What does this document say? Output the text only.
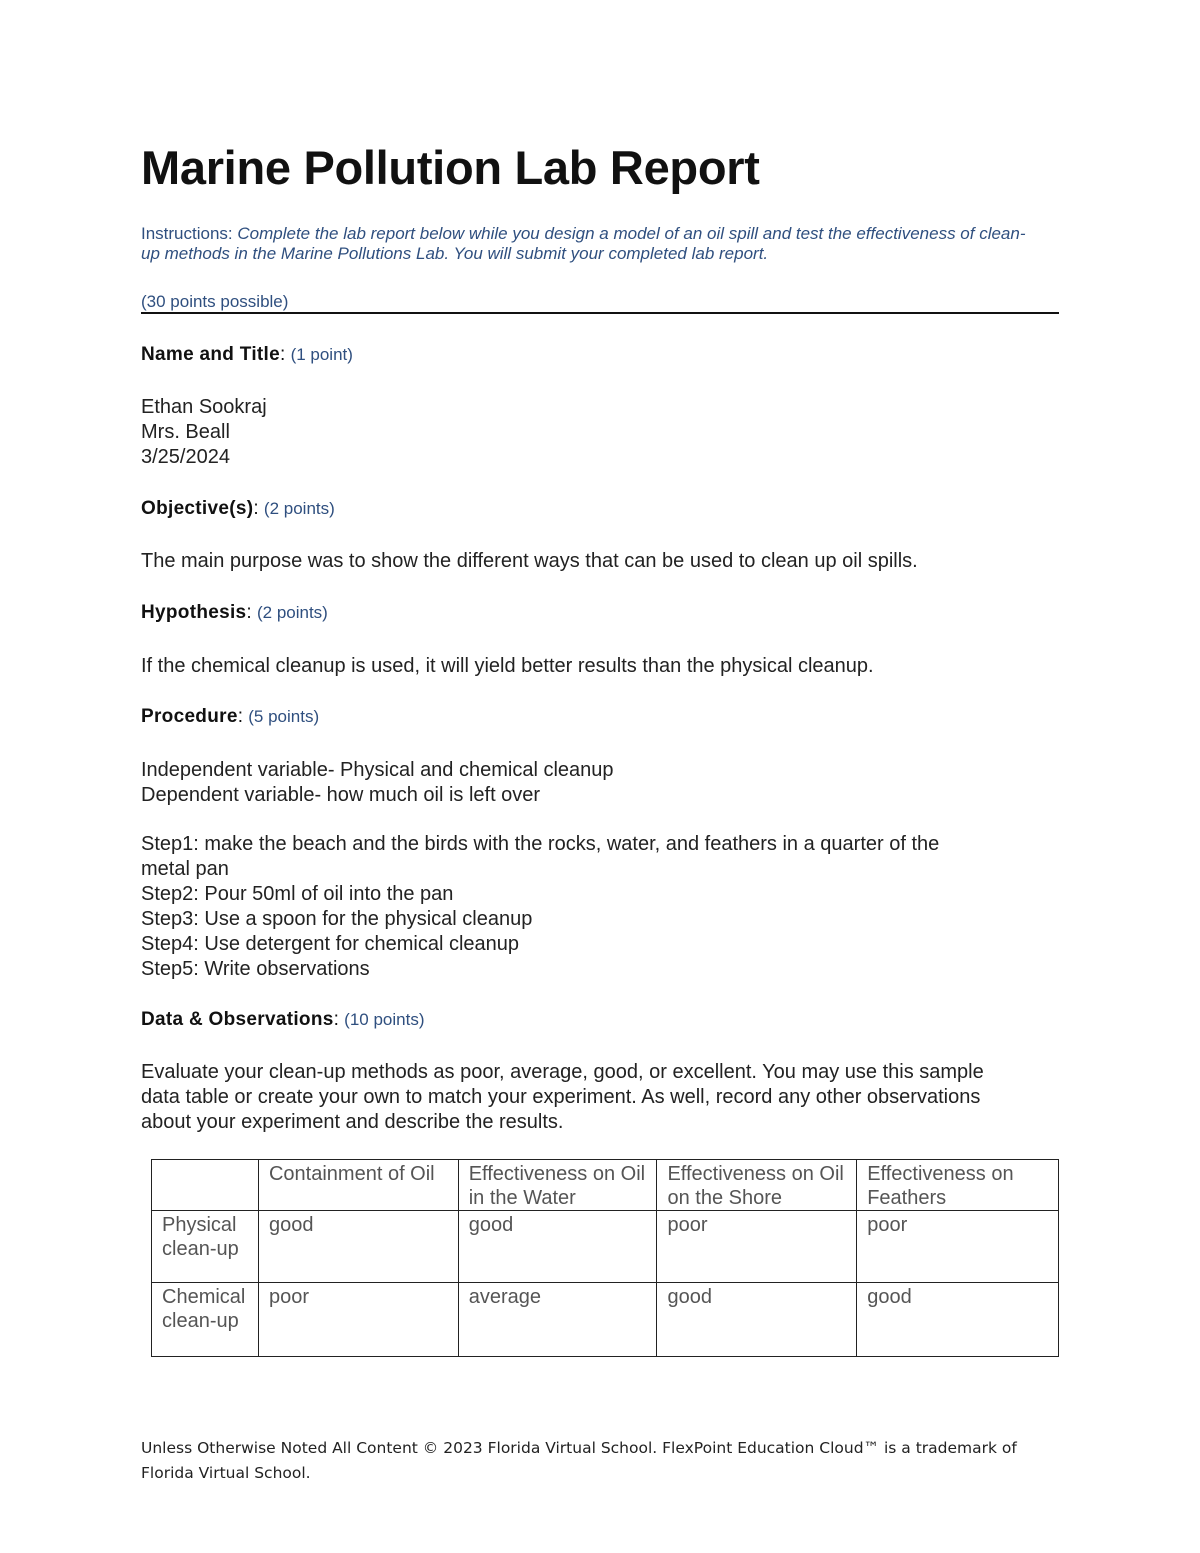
Marine Pollution Lab Report
Instructions: Complete the lab report below while you design a model of an oil spill and test the effectiveness of clean-up methods in the Marine Pollutions Lab. You will submit your completed lab report.
(30 points possible)
Name and Title: (1 point)
Ethan Sookraj
Mrs. Beall
3/25/2024
Objective(s): (2 points)
The main purpose was to show the different ways that can be used to clean up oil spills.
Hypothesis: (2 points)
If the chemical cleanup is used, it will yield better results than the physical cleanup.
Procedure: (5 points)
Independent variable- Physical and chemical cleanup
Dependent variable- how much oil is left over
Step1: make the beach and the birds with the rocks, water, and feathers in a quarter of the
metal pan
Step2: Pour 50ml of oil into the pan
Step3: Use a spoon for the physical cleanup
Step4: Use detergent for chemical cleanup
Step5: Write observations
Data & Observations: (10 points)
Evaluate your clean-up methods as poor, average, good, or excellent. You may use this sample
data table or create your own to match your experiment. As well, record any other observations
about your experiment and describe the results.
	Containment of Oil	Effectiveness on Oil in the Water	Effectiveness on Oil on the Shore	Effectiveness on Feathers
Physical clean-up	good	good	poor	poor
Chemical clean-up	poor	average	good	good
Unless Otherwise Noted All Content © 2023 Florida Virtual School. FlexPoint Education Cloud™ is a trademark of Florida Virtual School.
